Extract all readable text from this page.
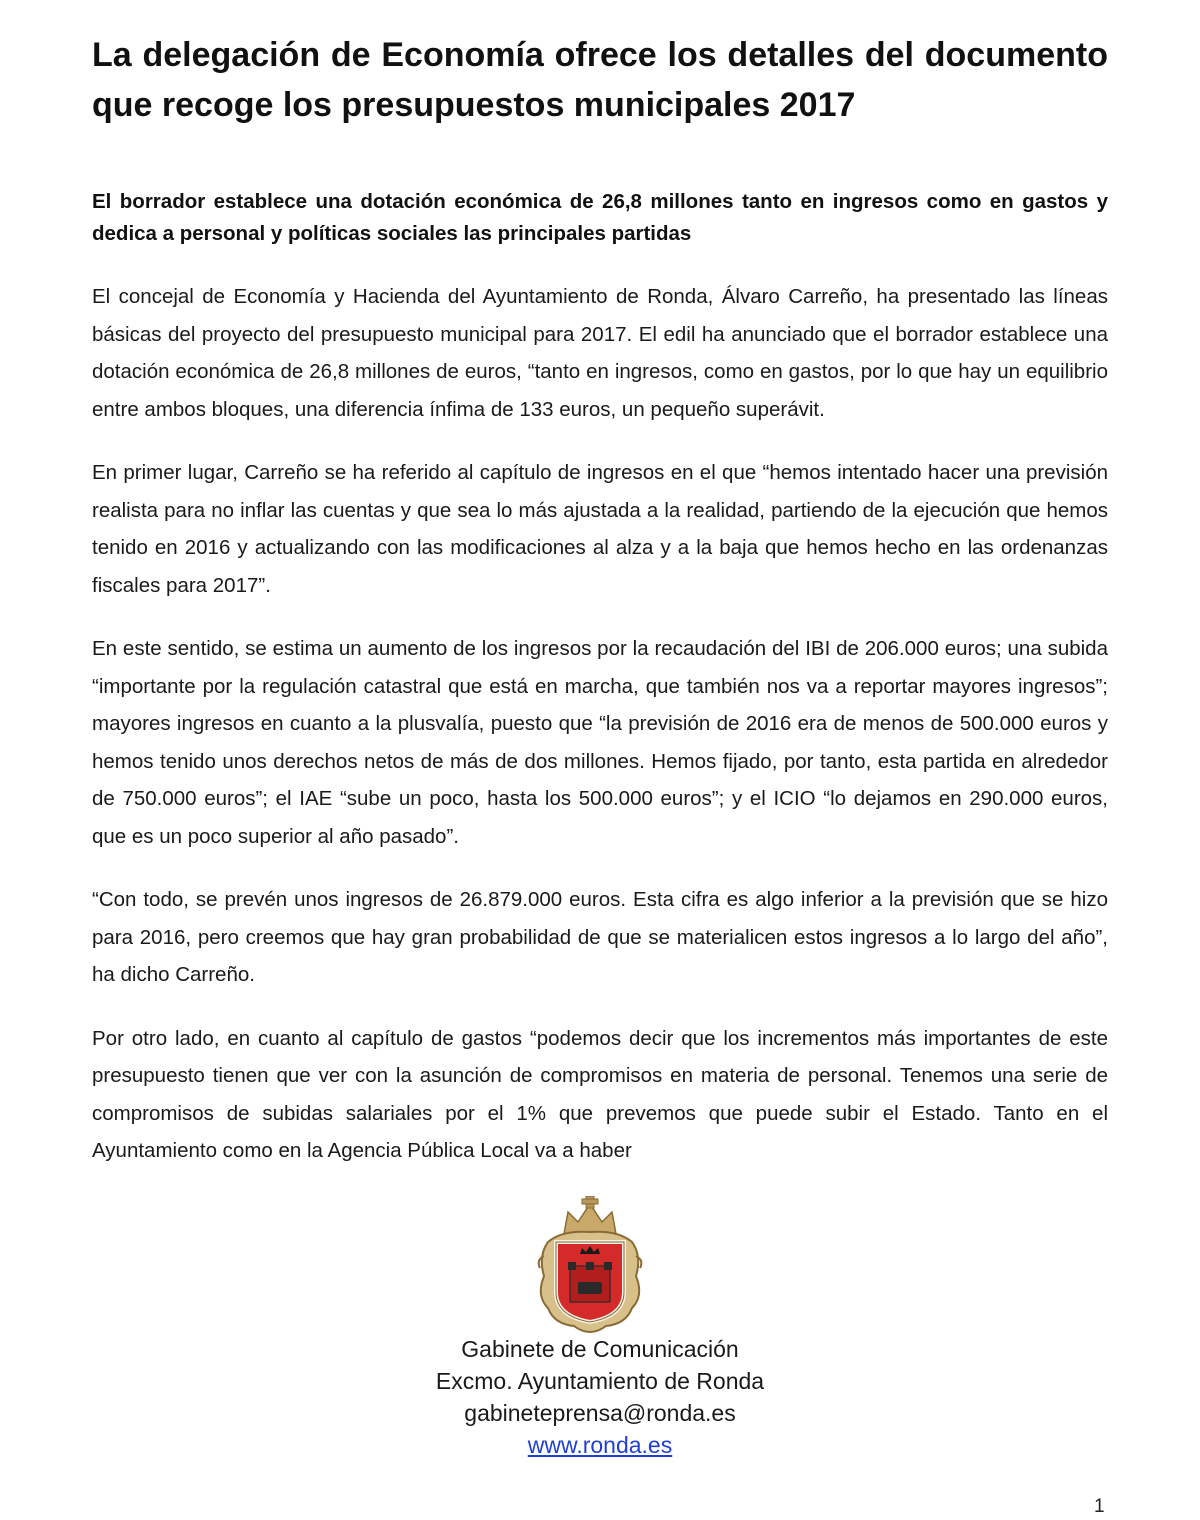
La delegación de Economía ofrece los detalles del documento que recoge los presupuestos municipales 2017

El borrador establece una dotación económica de 26,8 millones tanto en ingresos como en gastos y dedica a personal y políticas sociales las principales partidas

El concejal de Economía y Hacienda del Ayuntamiento de Ronda, Álvaro Carreño, ha presentado las líneas básicas del proyecto del presupuesto municipal para 2017. El edil ha anunciado que el borrador establece una dotación económica de 26,8 millones de euros, “tanto en ingresos, como en gastos, por lo que hay un equilibrio entre ambos bloques, una diferencia ínfima de 133 euros, un pequeño superávit.

En primer lugar, Carreño se ha referido al capítulo de ingresos en el que “hemos intentado hacer una previsión realista para no inflar las cuentas y que sea lo más ajustada a la realidad, partiendo de la ejecución que hemos tenido en 2016 y actualizando con las modificaciones al alza y a la baja que hemos hecho en las ordenanzas fiscales para 2017”.

En este sentido, se estima un aumento de los ingresos por la recaudación del IBI de 206.000 euros; una subida “importante por la regulación catastral que está en marcha, que también nos va a reportar mayores ingresos”; mayores ingresos en cuanto a la plusvalía, puesto que “la previsión de 2016 era de menos de 500.000 euros y hemos tenido unos derechos netos de más de dos millones. Hemos fijado, por tanto, esta partida en alrededor de 750.000 euros”; el IAE “sube un poco, hasta los 500.000 euros”; y el ICIO “lo dejamos en 290.000 euros, que es un poco superior al año pasado”.

“Con todo, se prevén unos ingresos de 26.879.000 euros. Esta cifra es algo inferior a la previsión que se hizo para 2016, pero creemos que hay gran probabilidad de que se materialicen estos ingresos a lo largo del año”, ha dicho Carreño.

Por otro lado, en cuanto al capítulo de gastos “podemos decir que los incrementos más importantes de este presupuesto tienen que ver con la asunción de compromisos en materia de personal. Tenemos una serie de compromisos de subidas salariales por el 1% que prevemos que puede subir el Estado. Tanto en el Ayuntamiento como en la Agencia Pública Local va a haber

Gabinete de Comunicación
Excmo. Ayuntamiento de Ronda
gabineteprensa@ronda.es
www.ronda.es
1
